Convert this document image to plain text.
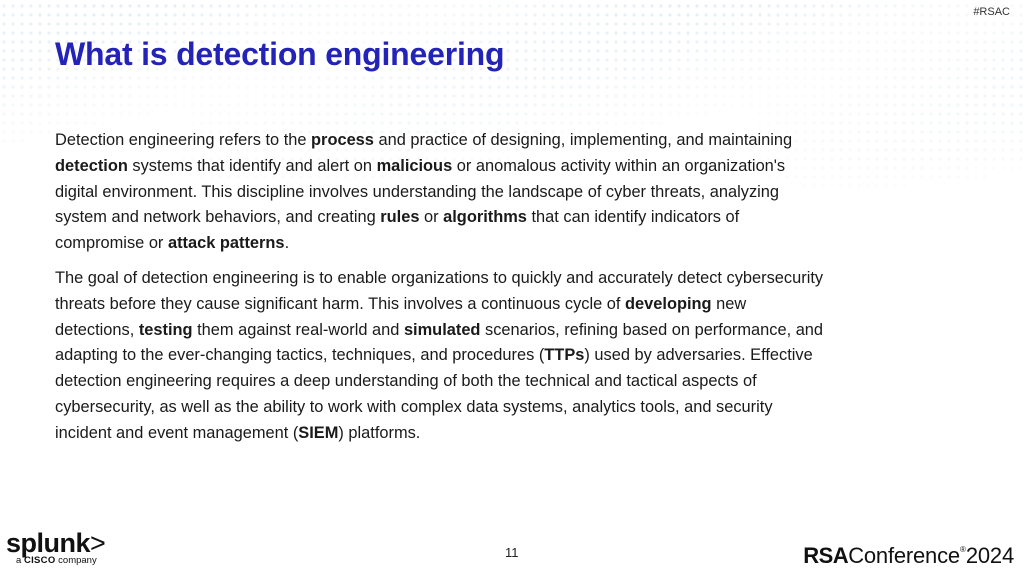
#RSAC
What is detection engineering

Detection engineering refers to the process and practice of designing, implementing, and maintaining detection systems that identify and alert on malicious or anomalous activity within an organization's digital environment. This discipline involves understanding the landscape of cyber threats, analyzing system and network behaviors, and creating rules or algorithms that can identify indicators of compromise or attack patterns.

The goal of detection engineering is to enable organizations to quickly and accurately detect cybersecurity threats before they cause significant harm. This involves a continuous cycle of developing new detections, testing them against real-world and simulated scenarios, refining based on performance, and adapting to the ever-changing tactics, techniques, and procedures (TTPs) used by adversaries. Effective detection engineering requires a deep understanding of both the technical and tactical aspects of cybersecurity, as well as the ability to work with complex data systems, analytics tools, and security incident and event management (SIEM) platforms.

11
splunk>
a CISCO company	RSAConference®2024
